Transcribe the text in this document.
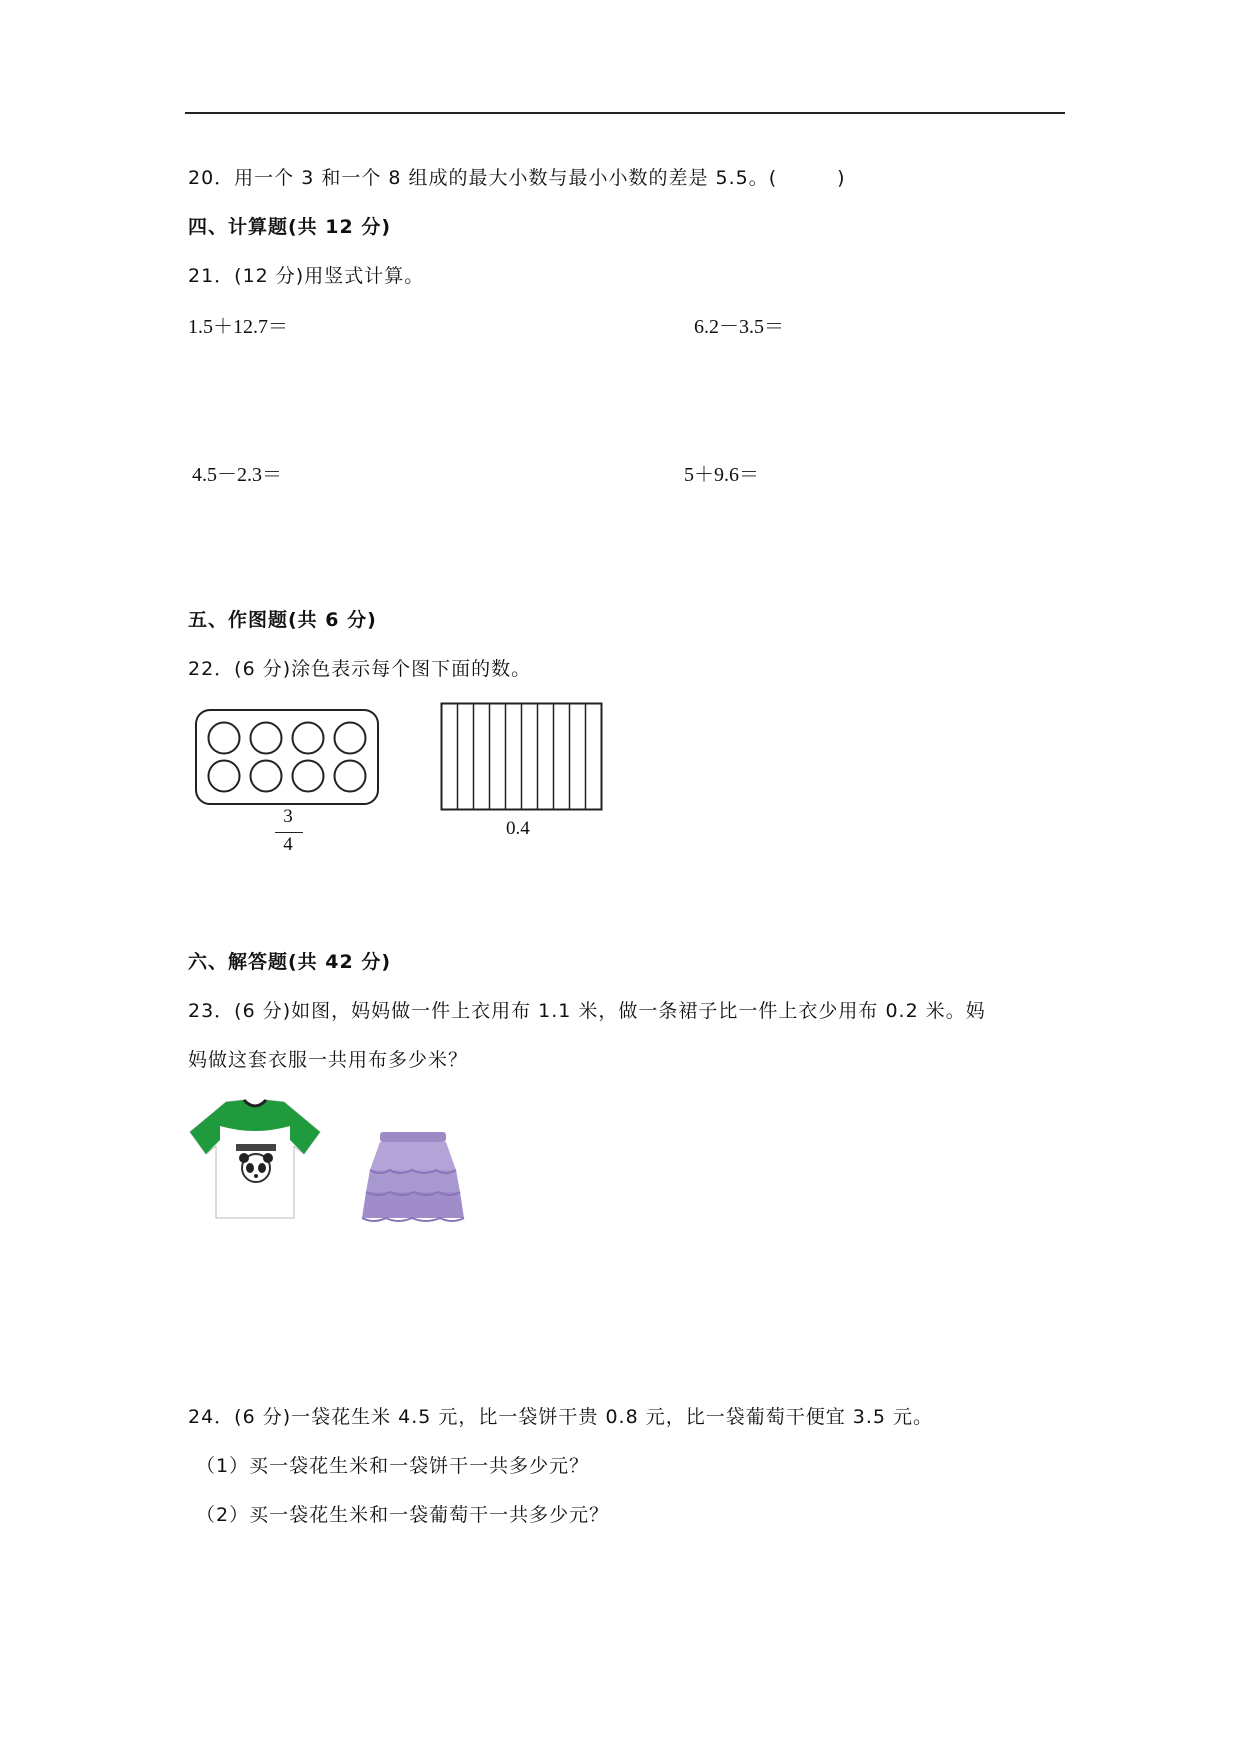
20．用一个 3 和一个 8 组成的最大小数与最小小数的差是 5.5。(　　　)
四、计算题(共 12 分)
21．(12 分)用竖式计算。
1.5＋12.7＝	6.2－3.5＝
4.5－2.3＝	5＋9.6＝
五、作图题(共 6 分)
22．(6 分)涂色表示每个图下面的数。
3
4
0.4
六、解答题(共 42 分)
23．(6 分)如图，妈妈做一件上衣用布 1.1 米，做一条裙子比一件上衣少用布 0.2 米。妈
妈做这套衣服一共用布多少米？
24．(6 分)一袋花生米 4.5 元，比一袋饼干贵 0.8 元，比一袋葡萄干便宜 3.5 元。
（1）买一袋花生米和一袋饼干一共多少元？
（2）买一袋花生米和一袋葡萄干一共多少元？
